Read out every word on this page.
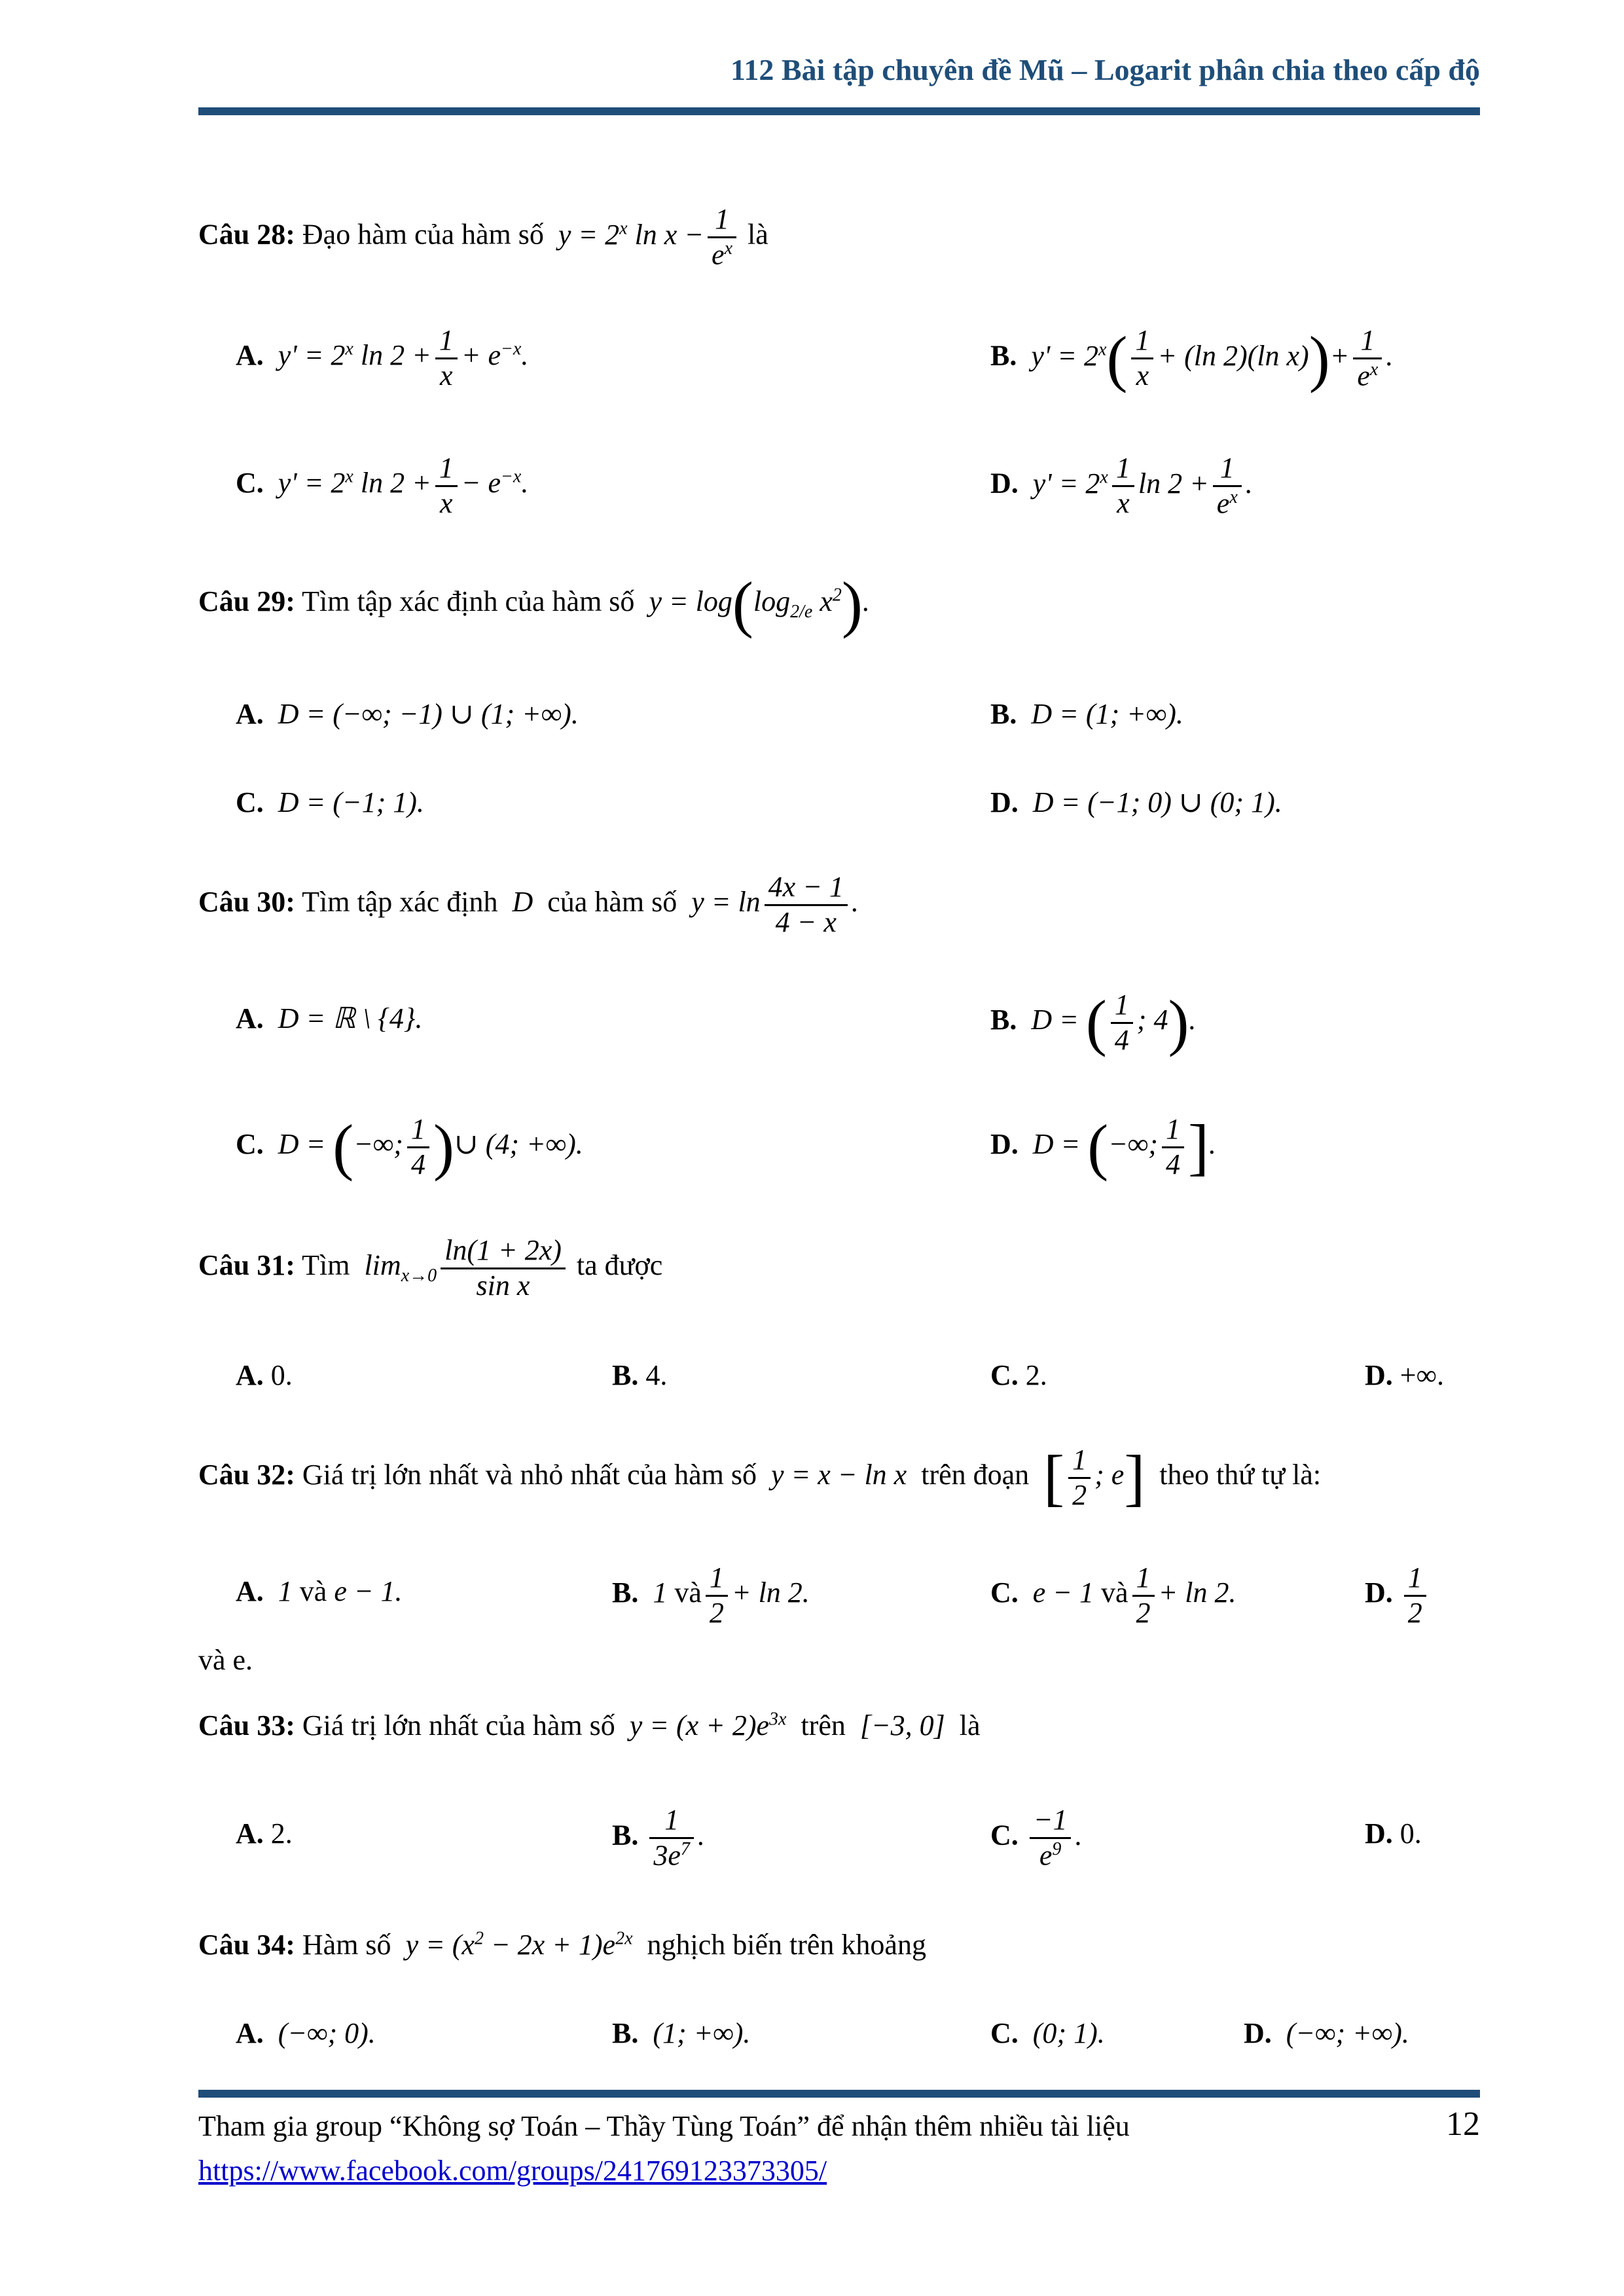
112 Bài tập chuyên đề Mũ – Logarit phân chia theo cấp độ
Câu 28: Đạo hàm của hàm số  $y = 2^x$ $\ln x - \frac{1}{e^x}$ là
A.  $y' = 2^x$ $\ln 2 + \frac{1}{x} + e^{-x}$.	B.  $y' = 2^x( \frac{1}{x} + (\ln$ 2)(ln $x))+ \frac{1}{e^x}$ .
C.  $y' = 2^x$ $\ln 2 + \frac{1}{x} - e^{-x}$.	D.  $y' = 2^x \frac{1}{x}$ $\ln 2 + \frac{1}{e^x}$ .
Câu 29: Tìm tập xác định của hàm số  $y = \log(\log_{2/e}$ $x^2$).
A.  D = (−∞; −1) ∪ (1; +∞).	B.  D = (1; +∞).
C.  D = (−1; 1).	D.  D = (−1; 0) ∪ (0; 1).
Câu 30: Tìm tập xác định  D  của hàm số  $y = \ln \frac{4x - 1}{4 - x}$ .
A.  D = ℝ \ {4}.	B.  D = ( $\frac{1}{4}$ ; 4).
C.  D = (−∞; $\frac{1}{4}$ )∪ (4; +∞).	D.  D = (−∞; $\frac{1}{4}$ ].
Câu 31: Tìm  $\lim_{x\to 0} \frac{\ln(1 + 2x)}{\text{sin x}}$ ta được
A. 0.	B. 4.	C. 2.	D. +∞.
Câu 32: Giá trị lớn nhất và nhỏ nhất của hàm số  y = x − ln x  trên đoạn [ $\frac{1}{2}$ ; e] theo thứ tự là:
A.  1 và e − 1.	B.  1 và $\frac{1}{2} + \ln 2$.	C.  e − 1 và $\frac{1}{2} + \ln 2$.	D. $\frac{1}{2}$
và e.
Câu 33: Giá trị lớn nhất của hàm số  $y = (x + 2)e^{3x}$ trên  [−3, 0]  là
A. 2.	B. $\frac{1}{3e^7}$ .	C. $\frac{-1}{e^9}$ .	D. 0.
Câu 34: Hàm số  $y = (x^2 - 2x + 1)e^{2x}$ nghịch biến trên khoảng
A.  (−∞; 0).	B.  (1; +∞).	C.  (0; 1).	D.  (−∞; +∞).
Tham gia group “Không sợ Toán – Thầy Tùng Toán” để nhận thêm nhiều tài liệu
https://www.facebook.com/groups/241769123373305/
12
